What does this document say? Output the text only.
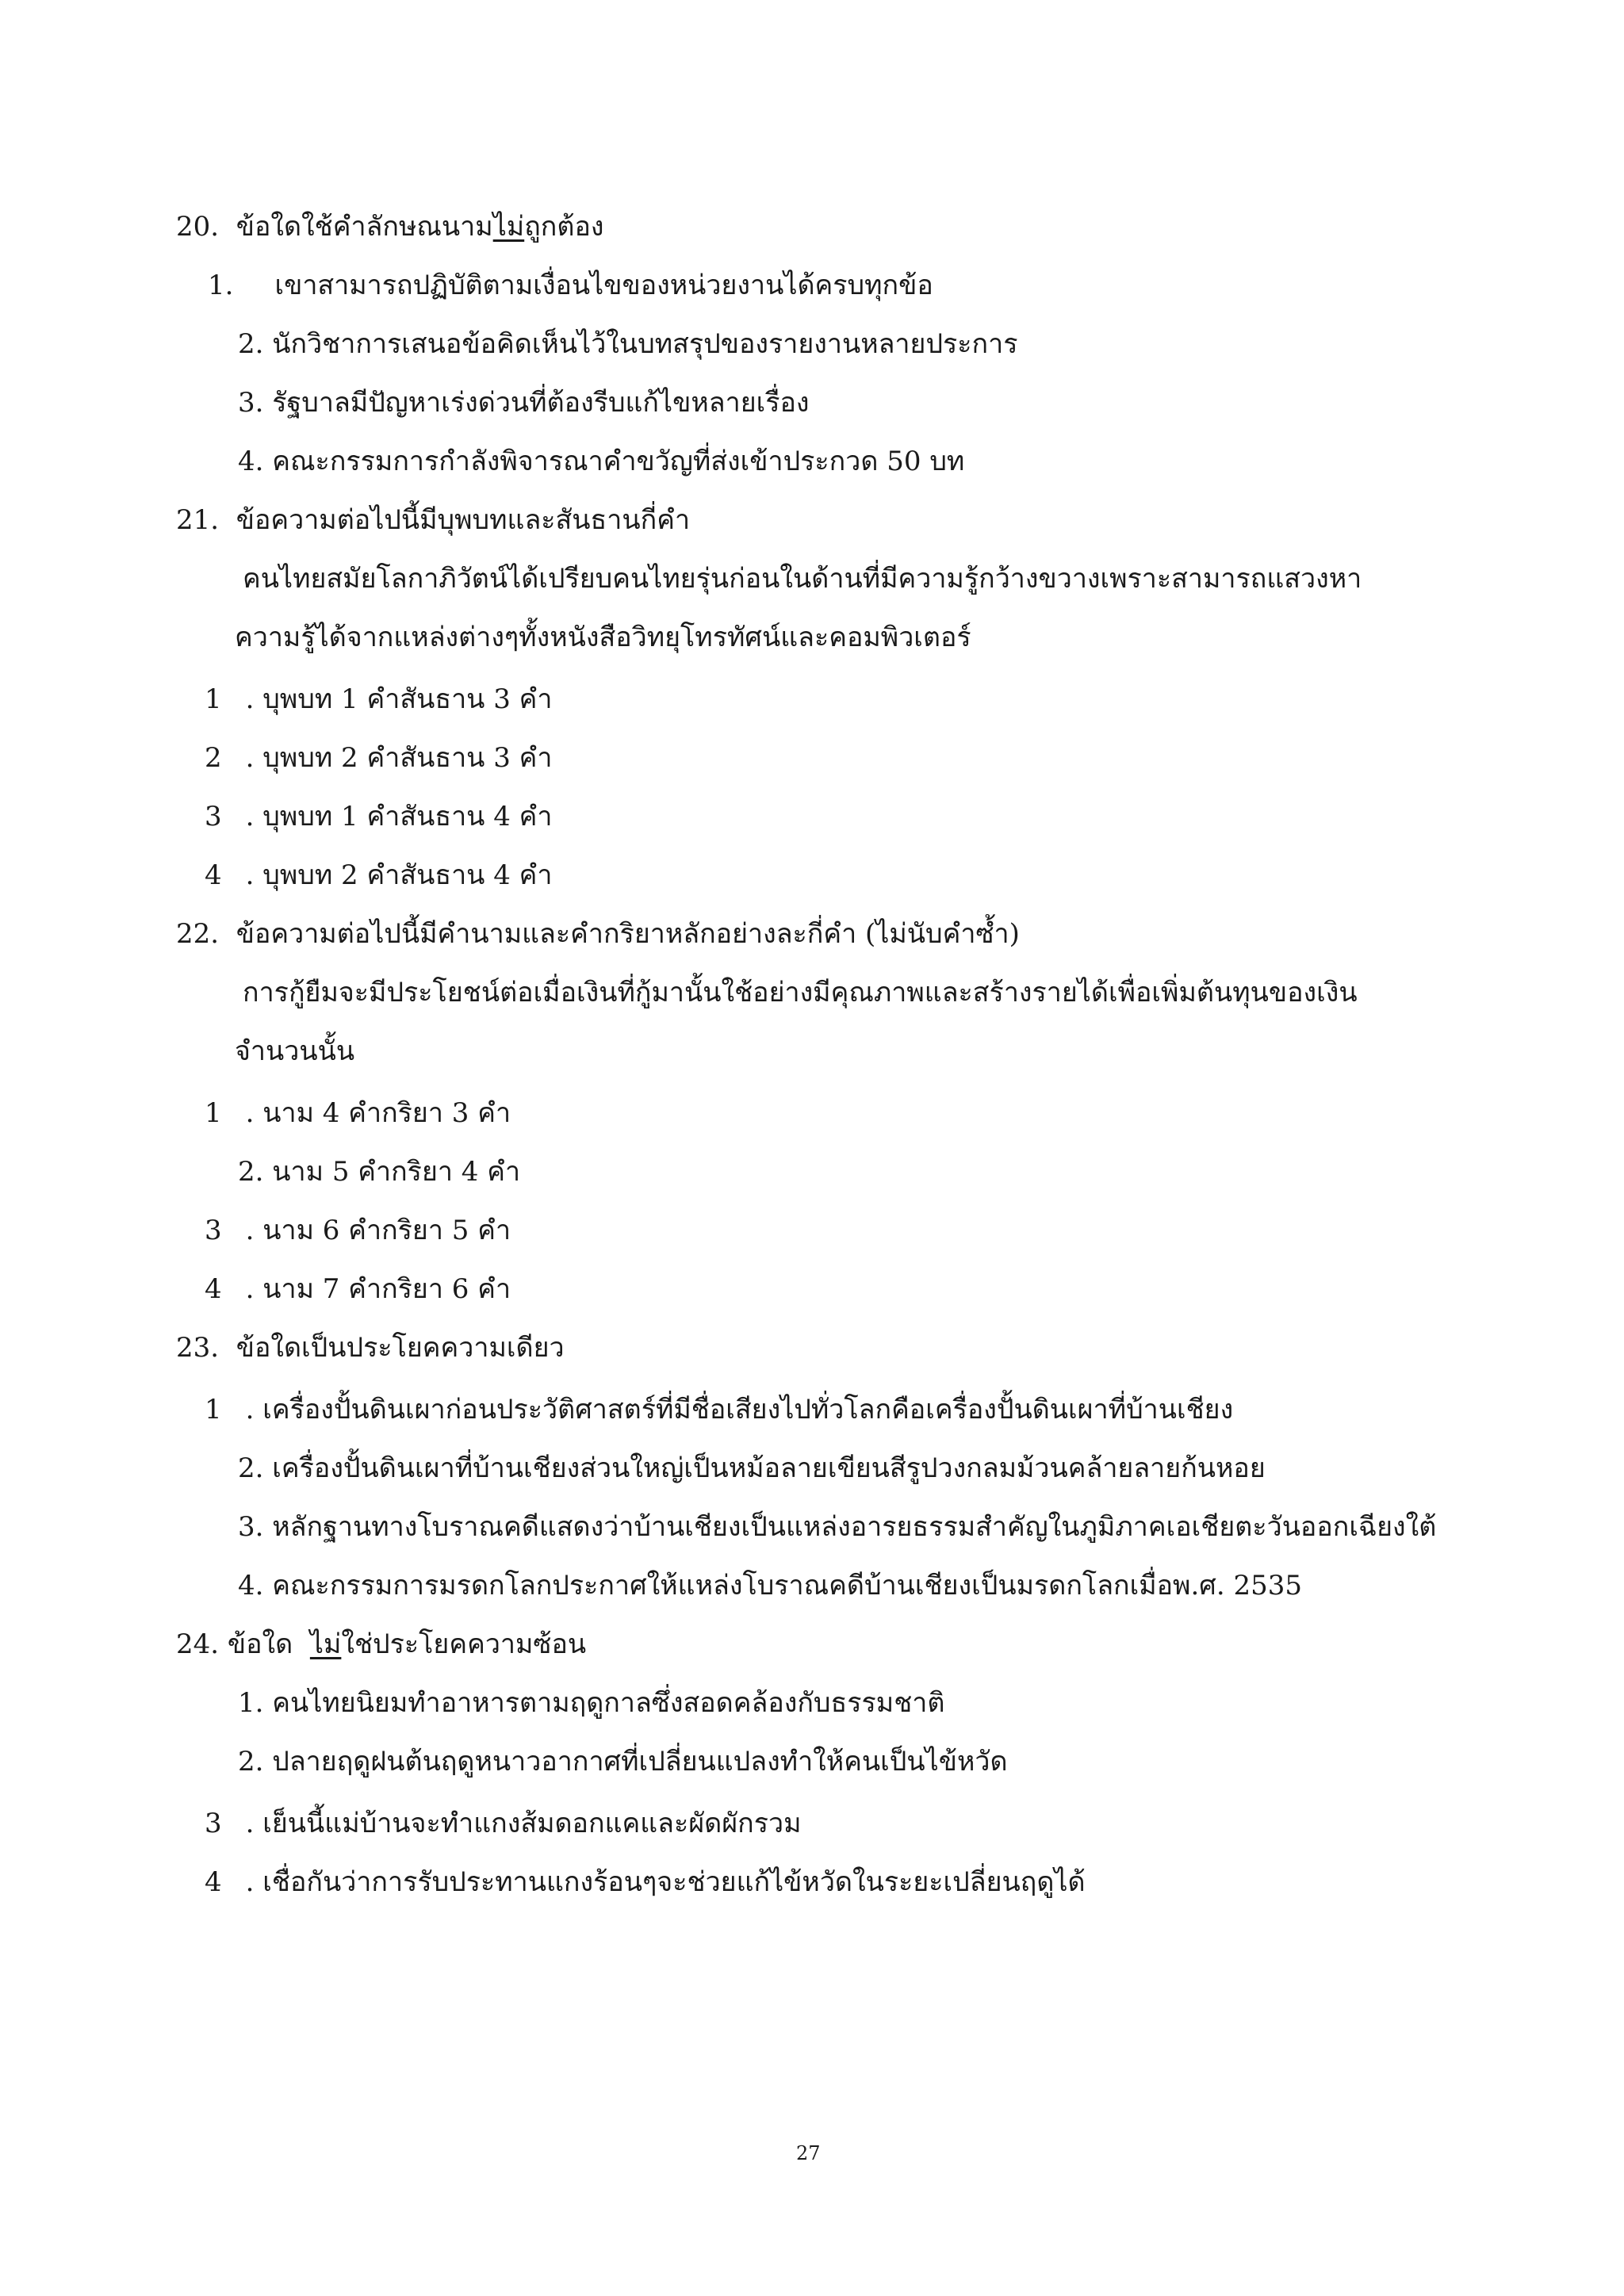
20. ข้อใดใช้คำลักษณนามไม่ถูกต้อง
1. เขาสามารถปฏิบัติตามเงื่อนไขของหน่วยงานได้ครบทุกข้อ
2. นักวิชาการเสนอข้อคิดเห็นไว้ในบทสรุปของรายงานหลายประการ
3. รัฐบาลมีปัญหาเร่งด่วนที่ต้องรีบแก้ไขหลายเรื่อง
4. คณะกรรมการกำลังพิจารณาคำขวัญที่ส่งเข้าประกวด 50 บท
21. ข้อความต่อไปนี้มีบุพบทและสันธานกี่คำ
คนไทยสมัยโลกาภิวัตน์ได้เปรียบคนไทยรุ่นก่อนในด้านที่มีความรู้กว้างขวางเพราะสามารถแสวงหา
ความรู้ได้จากแหล่งต่างๆทั้งหนังสือวิทยุโทรทัศน์และคอมพิวเตอร์
1 . บุพบท 1 คำสันธาน 3 คำ
2 . บุพบท 2 คำสันธาน 3 คำ
3 . บุพบท 1 คำสันธาน 4 คำ
4 . บุพบท 2 คำสันธาน 4 คำ
22. ข้อความต่อไปนี้มีคำนามและคำกริยาหลักอย่างละกี่คำ (ไม่นับคำซ้ำ)
การกู้ยืมจะมีประโยชน์ต่อเมื่อเงินที่กู้มานั้นใช้อย่างมีคุณภาพและสร้างรายได้เพื่อเพิ่มต้นทุนของเงิน
จำนวนนั้น
1 . นาม 4 คำกริยา 3 คำ
2. นาม 5 คำกริยา 4 คำ
3 . นาม 6 คำกริยา 5 คำ
4 . นาม 7 คำกริยา 6 คำ
23. ข้อใดเป็นประโยคความเดียว
1 . เครื่องปั้นดินเผาก่อนประวัติศาสตร์ที่มีชื่อเสียงไปทั่วโลกคือเครื่องปั้นดินเผาที่บ้านเชียง
2. เครื่องปั้นดินเผาที่บ้านเชียงส่วนใหญ่เป็นหม้อลายเขียนสีรูปวงกลมม้วนคล้ายลายก้นหอย
3. หลักฐานทางโบราณคดีแสดงว่าบ้านเชียงเป็นแหล่งอารยธรรมสำคัญในภูมิภาคเอเชียตะวันออกเฉียงใต้
4. คณะกรรมการมรดกโลกประกาศให้แหล่งโบราณคดีบ้านเชียงเป็นมรดกโลกเมื่อพ.ศ. 2535
24. ข้อใด  ไม่ใช่ประโยคความซ้อน
1. คนไทยนิยมทำอาหารตามฤดูกาลซึ่งสอดคล้องกับธรรมชาติ
2. ปลายฤดูฝนต้นฤดูหนาวอากาศที่เปลี่ยนแปลงทำให้คนเป็นไข้หวัด
3 . เย็นนี้แม่บ้านจะทำแกงส้มดอกแคและผัดผักรวม
4 . เชื่อกันว่าการรับประทานแกงร้อนๆจะช่วยแก้ไข้หวัดในระยะเปลี่ยนฤดูได้
27
